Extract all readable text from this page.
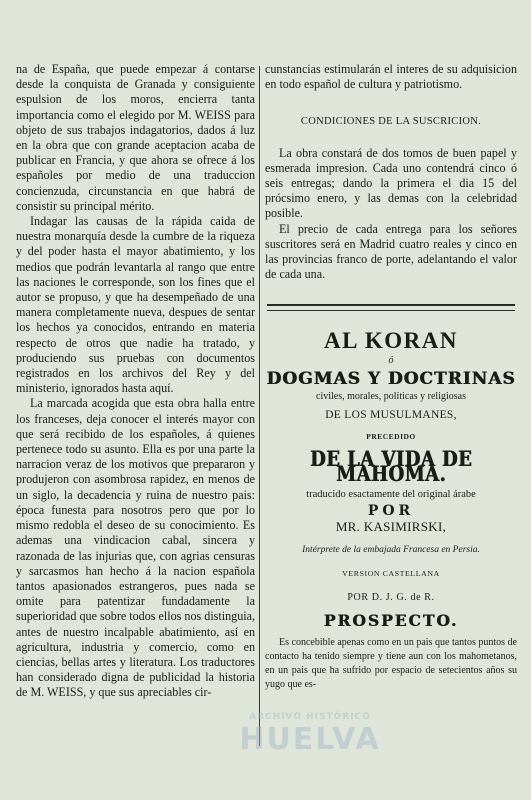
na de España, que puede empezar á contarse desde la conquista de Granada y consiguiente espulsion de los moros, encierra tanta importancia como el elegido por M. WEISS para objeto de sus trabajos indagatorios, dados á luz en la obra que con grande aceptacion acaba de publicar en Francia, y que ahora se ofrece á los españoles por medio de una traduccion concienzuda, circunstancia en que habrá de consistir su principal mérito.

Indagar las causas de la rápida caida de nuestra monarquía desde la cumbre de la riqueza y del poder hasta el mayor abatimiento, y los medios que podrán levantarla al rango que entre las naciones le corresponde, son los fines que el autor se propuso, y que ha desempeñado de una manera completamente nueva, despues de sentar los hechos ya conocidos, entrando en materia respecto de otros que nadie ha tratado, y produciendo sus pruebas con documentos registrados en los archivos del Rey y del ministerio, ignorados hasta aquí.

La marcada acogida que esta obra halla entre los franceses, deja conocer el interés mayor con que será recibido de los españoles, á quienes pertenece todo su asunto. Ella es por una parte la narracion veraz de los motivos que prepararon y produjeron con asombrosa rapidez, en menos de un siglo, la decadencia y ruina de nuestro pais: época funesta para nosotros pero que por lo mismo redobla el deseo de su conocimiento. Es ademas una vindicacion cabal, sincera y razonada de las injurias que, con agrias censuras y sarcasmos han hecho á la nacion española tantos apasionados estrangeros, pues nada se omite para patentizar fundadamente la superioridad que sobre todos ellos nos distinguia, antes de nuestro incalpable abatimiento, así en agricultura, industria y comercio, como en ciencias, bellas artes y literatura. Los traductores han considerado digna de publicidad la historia de M. WEISS, y que sus apreciables cir-

cunstancias estimularán el interes de su adquisicion en todo español de cultura y patriotismo.

CONDICIONES DE LA SUSCRICION.

La obra constará de dos tomos de buen papel y esmerada impresion. Cada uno contendrá cinco ó seis entregas; dando la primera el dia 15 del prócsimo enero, y las demas con la celebridad posible.

El precio de cada entrega para los señores suscritores será en Madrid cuatro reales y cinco en las provincias franco de porte, adelantando el valor de cada una.

AL KORAN
ó
DOGMAS Y DOCTRINAS
civiles, morales, políticas y religiosas
DE LOS MUSULMANES,
PRECEDIDO
DE LA VIDA DE MAHOMA.
traducido esactamente del original árabe
POR
MR. KASIMIRSKI,
Intérprete de la embajada Francesa en Persia.
VERSION CASTELLANA
POR D. J. G. de R.
PROSPECTO.

Es concebible apenas como en un pais que tantos puntos de contacto ha tenido siempre y tiene aun con los mahometanos, en un pais que ha sufrido por espacio de setecientos años su yugo que es-

ARCHIVO HISTÓRICO
HUELVA
